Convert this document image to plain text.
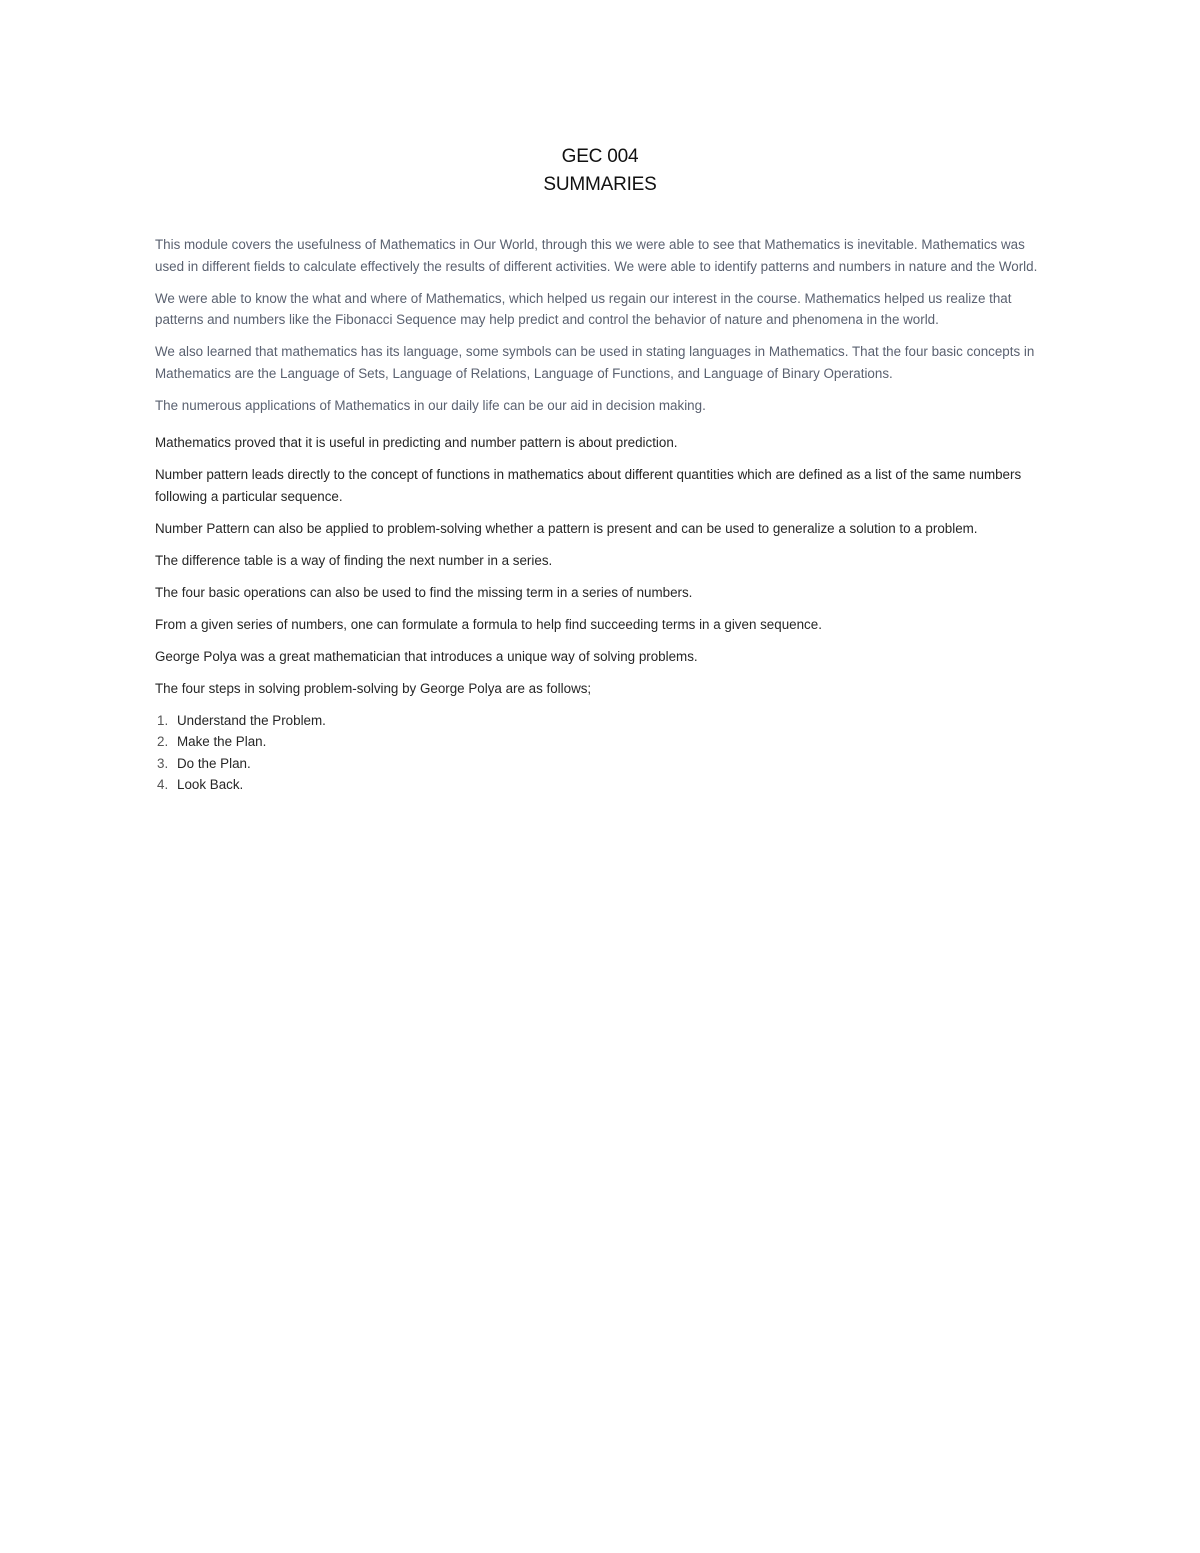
GEC 004
SUMMARIES

This module covers the usefulness of Mathematics in Our World, through this we were able to see that Mathematics is inevitable. Mathematics was used in different fields to calculate effectively the results of different activities. We were able to identify patterns and numbers in nature and the World.

We were able to know the what and where of Mathematics, which helped us regain our interest in the course. Mathematics helped us realize that patterns and numbers like the Fibonacci Sequence may help predict and control the behavior of nature and phenomena in the world.

We also learned that mathematics has its language, some symbols can be used in stating languages in Mathematics. That the four basic concepts in Mathematics are the Language of Sets, Language of Relations, Language of Functions, and Language of Binary Operations.

The numerous applications of Mathematics in our daily life can be our aid in decision making.

Mathematics proved that it is useful in predicting and number pattern is about prediction.

Number pattern leads directly to the concept of functions in mathematics about different quantities which are defined as a list of the same numbers following a particular sequence.

Number Pattern can also be applied to problem-solving whether a pattern is present and can be used to generalize a solution to a problem.

The difference table is a way of finding the next number in a series.

The four basic operations can also be used to find the missing term in a series of numbers.

From a given series of numbers, one can formulate a formula to help find succeeding terms in a given sequence.

George Polya was a great mathematician that introduces a unique way of solving problems.

The four steps in solving problem-solving by George Polya are as follows;

1. Understand the Problem.
2. Make the Plan.
3. Do the Plan.
4. Look Back.
